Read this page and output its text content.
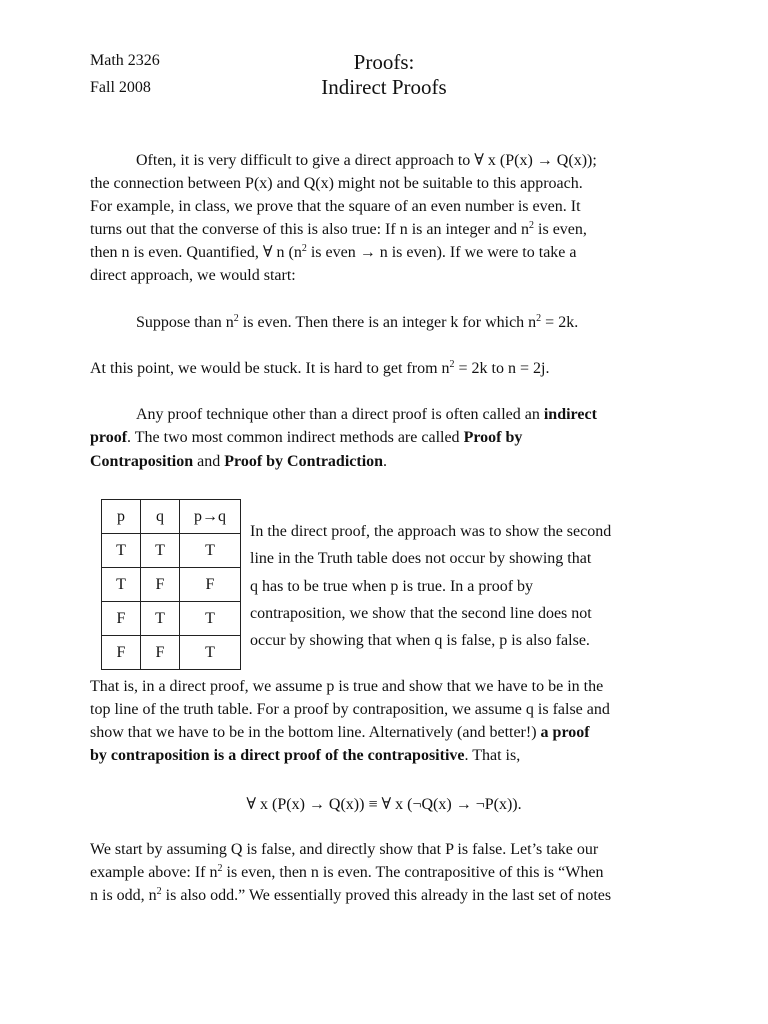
Math 2326
Fall 2008
Proofs:
Indirect Proofs
Often, it is very difficult to give a direct approach to ∀ x (P(x) → Q(x));
the connection between P(x) and Q(x) might not be suitable to this approach.
For example, in class, we prove that the square of an even number is even. It
turns out that the converse of this is also true: If n is an integer and $n^2$ is even,
then n is even. Quantified, ∀ n ($n^2$ is even → n is even). If we were to take a
direct approach, we would start:
Suppose than $n^2$ is even. Then there is an integer k for which $n^2 = 2k$.
At this point, we would be stuck. It is hard to get from $n^2 = 2k$ to n = 2j.
Any proof technique other than a direct proof is often called an indirect
proof. The two most common indirect methods are called Proof by
Contraposition and Proof by Contradiction.
p	q	p→q
T	T	T
T	F	F
F	T	T
F	F	T
In the direct proof, the approach was to show the second
line in the Truth table does not occur by showing that
q has to be true when p is true. In a proof by
contraposition, we show that the second line does not
occur by showing that when q is false, p is also false.
That is, in a direct proof, we assume p is true and show that we have to be in the
top line of the truth table. For a proof by contraposition, we assume q is false and
show that we have to be in the bottom line. Alternatively (and better!) a proof
by contraposition is a direct proof of the contrapositive. That is,
∀ x (P(x) → Q(x)) ≡ ∀ x (¬Q(x) → ¬P(x)).
We start by assuming Q is false, and directly show that P is false. Let’s take our
example above: If $n^2$ is even, then n is even. The contrapositive of this is “When
n is odd, $n^2$ is also odd.” We essentially proved this already in the last set of notes
